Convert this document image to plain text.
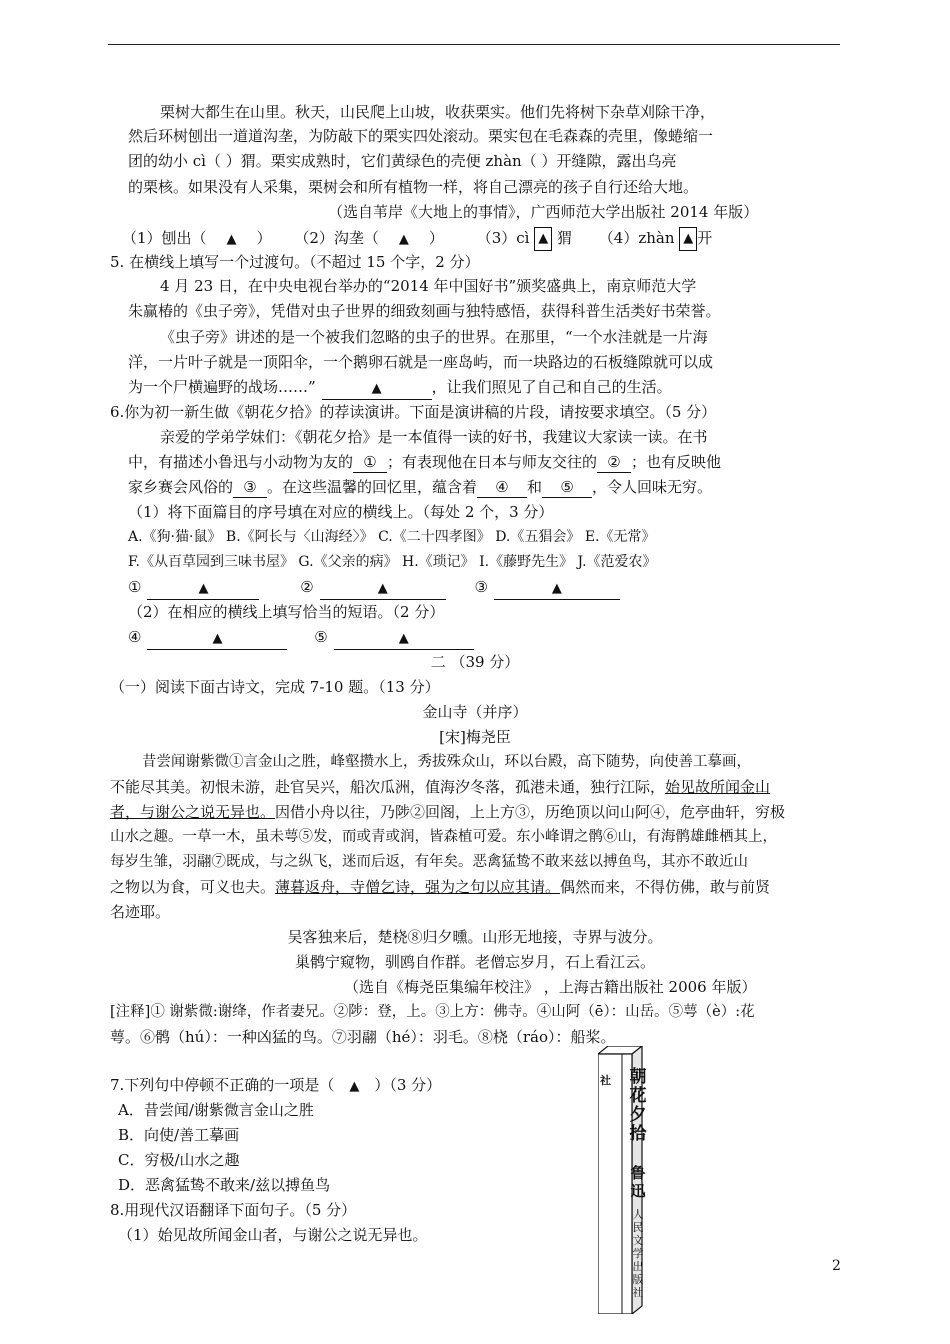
栗树大都生在山里。秋天，山民爬上山坡，收获栗实。他们先将树下杂草刈除干净，
然后环树刨出一道道沟垄，为防敲下的栗实四处滚动。栗实包在毛森森的壳里，像蜷缩一
团的幼小 cì（ ）猬。栗实成熟时，它们黄绿色的壳便 zhàn（ ）开缝隙，露出乌亮
的栗核。如果没有人采集，栗树会和所有植物一样，将自己漂亮的孩子自行还给大地。
（选自苇岸《大地上的事情》，广西师范大学出版社 2014 年版）
（1）刨出（ ▲ ） （2）沟垄（ ▲ ） （3）cì ▲ 猬 （4）zhàn ▲ 开
5. 在横线上填写一个过渡句。（不超过 15 个字，2 分）
4 月 23 日，在中央电视台举办的“2014 年中国好书”颁奖盛典上，南京师范大学
朱赢椿的《虫子旁》，凭借对虫子世界的细致刻画与独特感悟，获得科普生活类好书荣誉。
《虫子旁》讲述的是一个被我们忽略的虫子的世界。在那里，“一个水洼就是一片海
洋，一片叶子就是一顶阳伞，一个鹅卵石就是一座岛屿，而一块路边的石板缝隙就可以成
为一个尸横遍野的战场……”	▲	，让我们照见了自己和自己的生活。
6.你为初一新生做《朝花夕拾》的荐读演讲。下面是演讲稿的片段，请按要求填空。（5 分）
亲爱的学弟学妹们：《朝花夕拾》是一本值得一读的好书，我建议大家读一读。在书
中，有描述小鲁迅与小动物为友的 ① ；有表现他在日本与师友交往的 ② ；也有反映他
家乡赛会风俗的 ③ 。在这些温馨的回忆里，蕴含着 ④ 和 ⑤ ，令人回味无穷。
（1）将下面篇目的序号填在对应的横线上。（每处 2 个，3 分）
A.《狗·猫·鼠》 B.《阿长与〈山海经〉》 C.《二十四孝图》 D.《五猖会》 E.《无常》
F.《从百草园到三味书屋》 G.《父亲的病》 H.《琐记》 I.《藤野先生》 J.《范爱农》
①	▲	②	▲	③	▲
（2）在相应的横线上填写恰当的短语。（2 分）
④	▲	⑤	▲
二 （39 分）
（一）阅读下面古诗文，完成 7-10 题。（13 分）
金山寺（并序）
[宋]梅尧臣
昔尝闻谢紫微①言金山之胜，峰壑攒水上，秀拔殊众山，环以台殿，高下随势，向使善工摹画，
不能尽其美。初恨未游，赴官吴兴，船次瓜洲，值海汐冬落，孤港未通，独行江际，始见故所闻金山
者，与谢公之说无异也。因借小舟以往，乃陟②回阁，上上方③，历绝顶以问山阿④，危亭曲轩，穷极
山水之趣。一草一木，虽未萼⑤发，而或青或润，皆森植可爱。东小峰谓之鹘⑥山，有海鹘雄雌栖其上，
每岁生雏，羽翮⑦既成，与之纵飞，迷而后返，有年矣。恶禽猛鸷不敢来兹以搏鱼鸟，其亦不敢近山
之物以为食，可义也夫。薄暮返舟，寺僧乞诗，强为之句以应其请。偶然而来，不得仿佛，敢与前贤
名迹耶。
吴客独来后，楚桡⑧归夕曛。山形无地接，寺界与波分。
巢鹘宁窥物，驯鸥自作群。老僧忘岁月，石上看江云。
（选自《梅尧臣集编年校注》 ，上海古籍出版社 2006 年版）
[注释]① 谢紫微:谢绛，作者妻兄。②陟：登，上。③上方：佛寺。④山阿（ē）：山岳。⑤萼（è）:花
萼。⑥鹘（hú）：一种凶猛的鸟。⑦羽翮（hé）：羽毛。⑧桡（ráo）：船桨。
7.下列句中停顿不正确的一项是（ ▲ ）（3 分）
A．昔尝闻/谢紫微言金山之胜
B．向使/善工摹画
C．穷极/山水之趣
D．恶禽猛鸷不敢来/兹以搏鱼鸟
8.用现代汉语翻译下面句子。（5 分）
（1）始见故所闻金山者，与谢公之说无异也。
社 朝花夕拾
鲁迅
人民文学出版社
2
